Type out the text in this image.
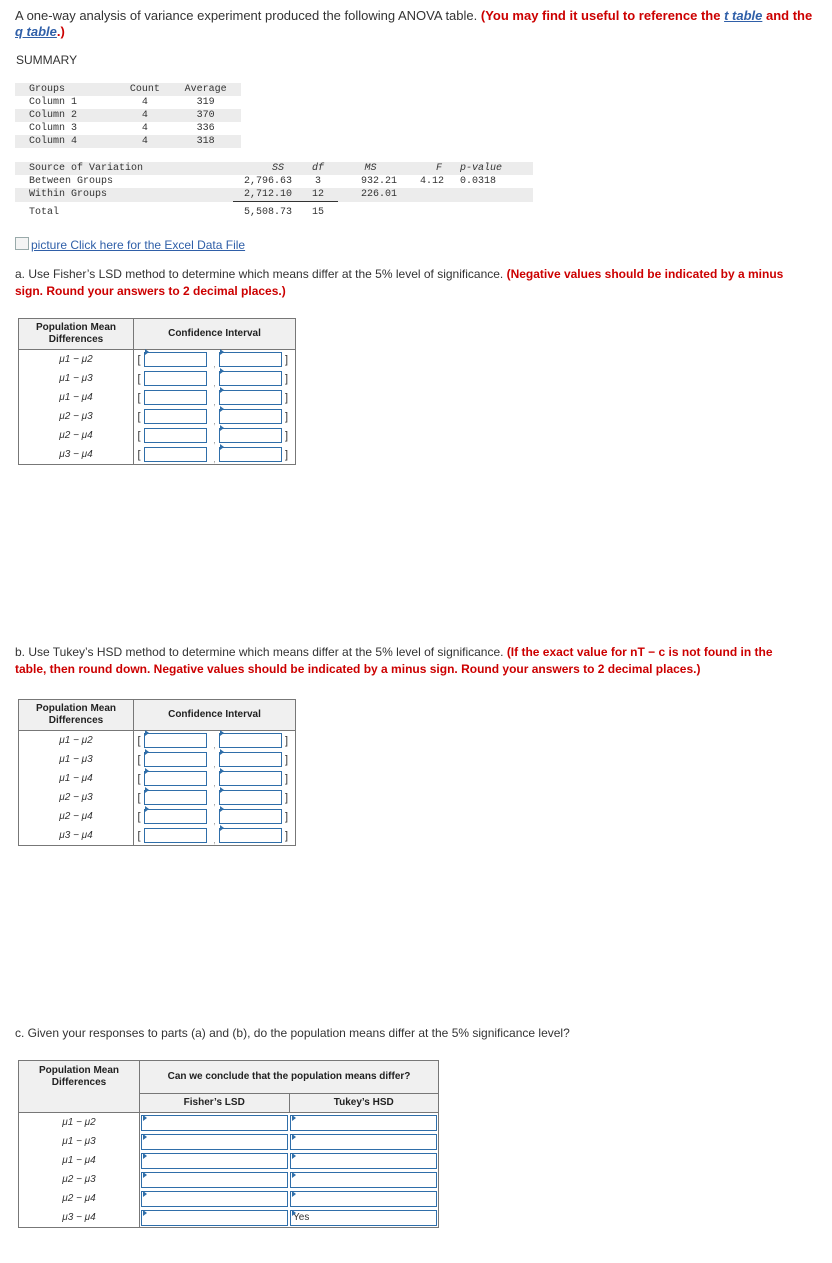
A one-way analysis of variance experiment produced the following ANOVA table. (You may find it useful to reference the t table and the q table.)
SUMMARY
Groups	Count	Average
Column 1	4	319
Column 2	4	370
Column 3	4	336
Column 4	4	318
Source of Variation	SS	df	MS	F	p-value
Between Groups	2,796.63	3	932.21	4.12	0.0318
Within Groups	2,712.10	12	226.01		
Total	5,508.73	15			
picture Click here for the Excel Data File
a. Use Fisher’s LSD method to determine which means differ at the 5% level of significance. (Negative values should be indicated by a minus sign. Round your answers to 2 decimal places.)
Population Mean Differences	Confidence Interval				
μ1 − μ2	[		,		]
μ1 − μ3	[		,		]
μ1 − μ4	[		,		]
μ2 − μ3	[		,		]
μ2 − μ4	[		,		]
μ3 − μ4	[		,		]
b. Use Tukey’s HSD method to determine which means differ at the 5% level of significance. (If the exact value for nT − c is not found in the table, then round down. Negative values should be indicated by a minus sign. Round your answers to 2 decimal places.)
Population Mean Differences	Confidence Interval				
μ1 − μ2	[		,		]
μ1 − μ3	[		,		]
μ1 − μ4	[		,		]
μ2 − μ3	[		,		]
μ2 − μ4	[		,		]
μ3 − μ4	[		,		]
c. Given your responses to parts (a) and (b), do the population means differ at the 5% significance level?
Population Mean Differences	Can we conclude that the population means differ?	
	Fisher’s LSD	Tukey’s HSD
μ1 − μ2	

μ1 − μ3	

μ1 − μ4	

μ2 − μ3	

μ2 − μ4	

μ3 − μ4		Yes
